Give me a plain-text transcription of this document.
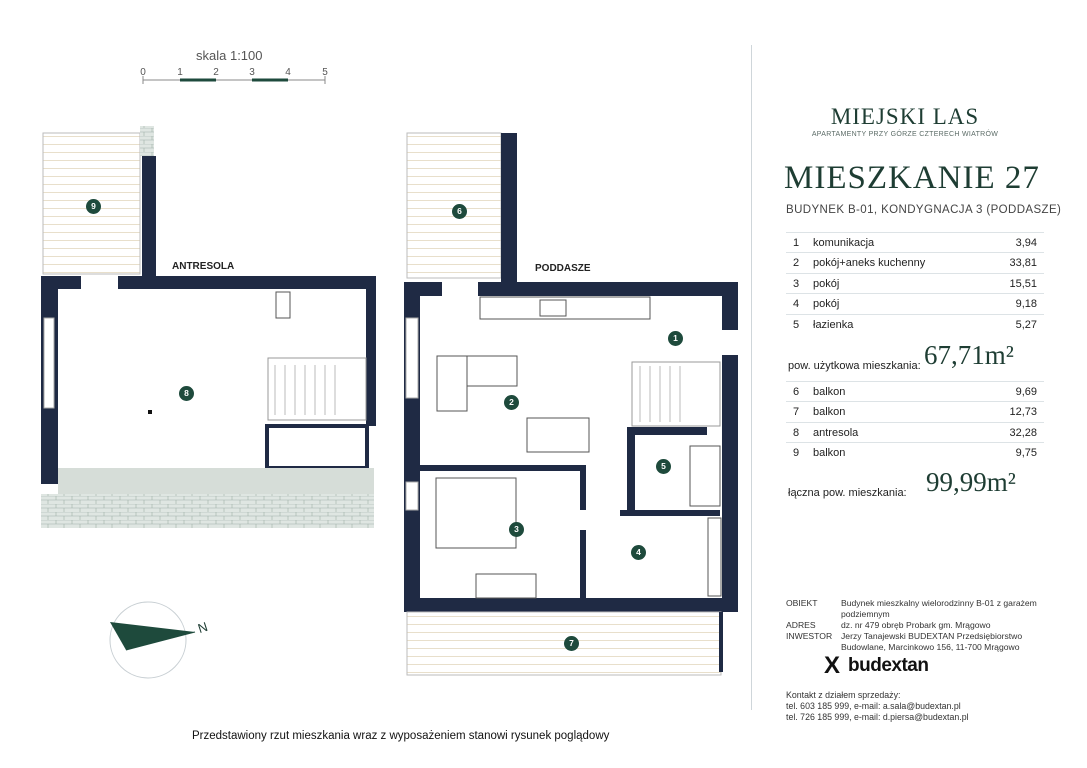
skala 1:100
0	1	2	3	4	5
ANTRESOLA	PODDASZE
1
2
3
4
5
6
7
8
9
N
Przedstawiony rzut mieszkania wraz z wyposażeniem stanowi rysunek poglądowy
MIEJSKI LAS
APARTAMENTY PRZY GÓRZE CZTERECH WIATRÓW
MIESZKANIE 27
BUDYNEK B-01, KONDYGNACJA 3 (PODDASZE)
1 komunikacja	3,94
2 pokój+aneks kuchenny	33,81
3 pokój	15,51
4 pokój	9,18
5 łazienka	5,27
pow. użytkowa mieszkania: 67,71m²
6 balkon	9,69
7 balkon	12,73
8 antresola	32,28
9 balkon	9,75
łączna pow. mieszkania: 99,99m²
OBIEKT	Budynek mieszkalny wielorodzinny B-01 z garażem podziemnym
ADRES	dz. nr 479 obręb Probark gm. Mrągowo
INWESTOR	Jerzy Tanajewski BUDEXTAN Przedsiębiorstwo Budowlane, Marcinkowo 156, 11-700 Mrągowo
X budextan
Kontakt z działem sprzedaży:
tel. 603 185 999, e-mail: a.sala@budextan.pl
tel. 726 185 999, e-mail: d.piersa@budextan.pl
